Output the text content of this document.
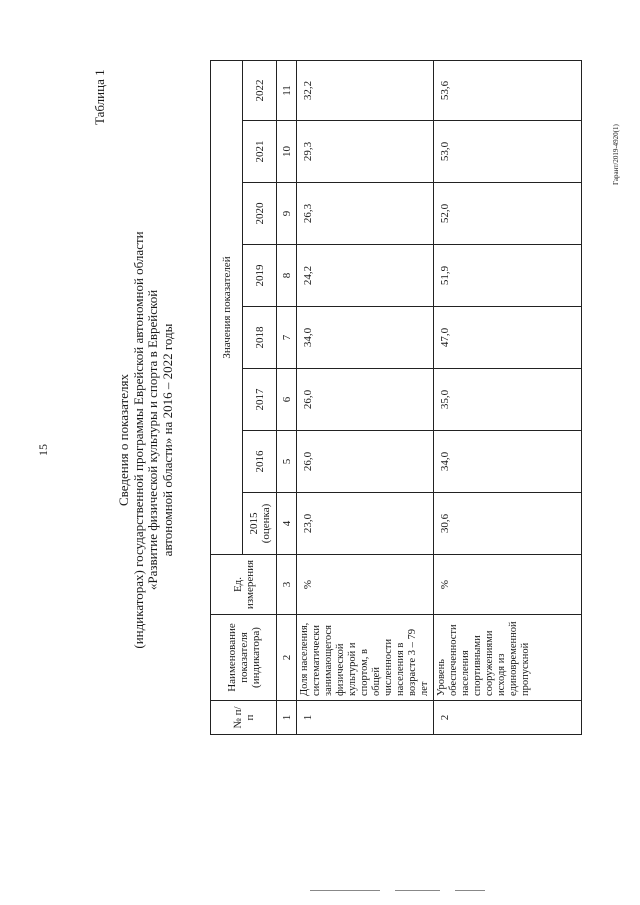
15
Таблица 1
Сведения о показателях (индикаторах) государственной программы Еврейской автономной области «Развитие физической культуры и спорта в Еврейской автономной области» на 2016 – 2022 годы
№ п/п	Наименование показателя (индикатора)	Ед. измерения	Значения показателей							
			2015 (оценка)	2016	2017	2018	2019	2020	2021	2022
1	2	3	4	5	6	7	8	9	10	11
1	Доля населения, систематически занимающегося физической культурой и спортом, в общей численности населения в возрасте 3 – 79 лет	%	23,0	26,0	26,0	34,0	24,2	26,3	29,3	32,2
2	Уровень обеспеченности населения спортивными сооружениями исходя из единовременной пропускной	%	30,6	34,0	35,0	47,0	51,9	52,0	53,0	53,6
Гарант/2019-4920(1)
